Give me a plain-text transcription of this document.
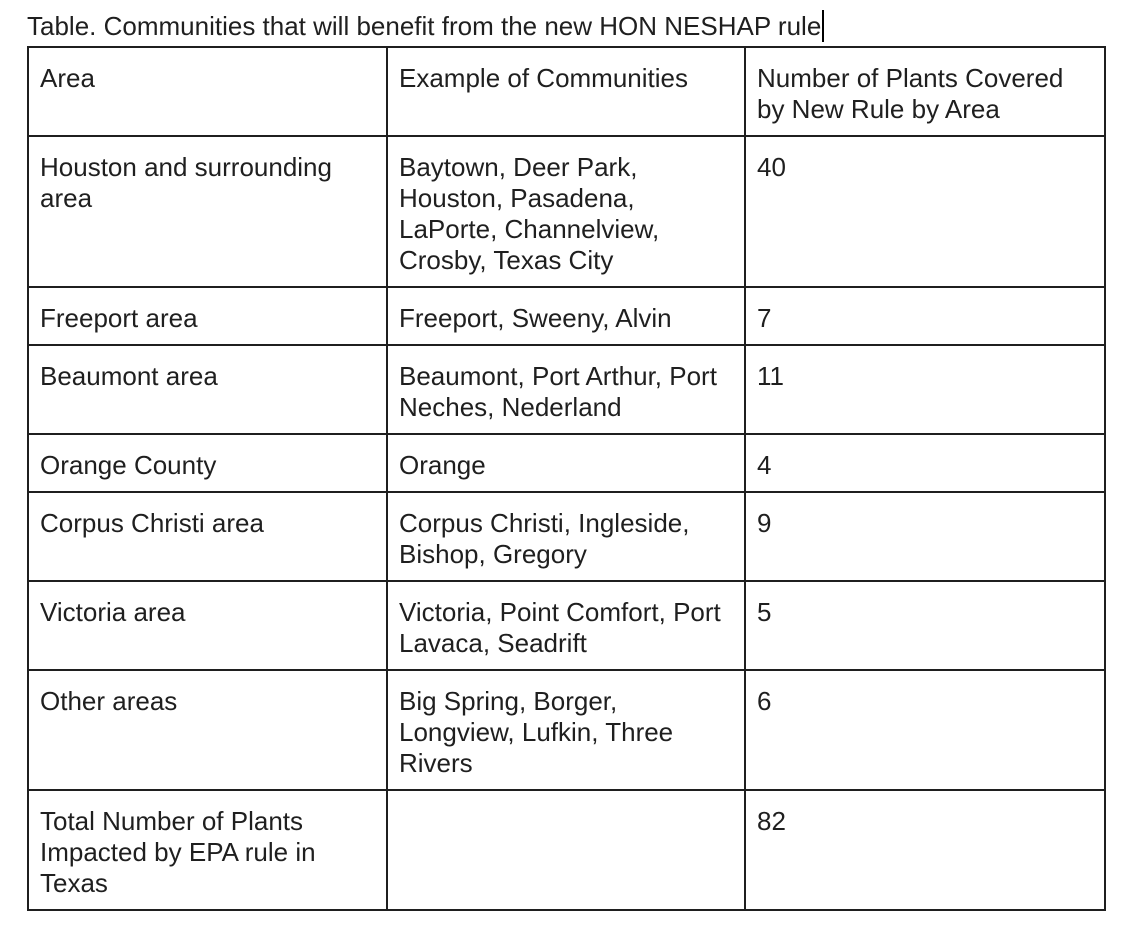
Table. Communities that will benefit from the new HON NESHAP rule
Area	Example of Communities	Number of Plants Covered by New Rule by Area
Houston and surrounding area	Baytown, Deer Park, Houston, Pasadena, LaPorte, Channelview, Crosby, Texas City	40
Freeport area	Freeport, Sweeny, Alvin	7
Beaumont area	Beaumont, Port Arthur, Port Neches, Nederland	11
Orange County	Orange	4
Corpus Christi area	Corpus Christi, Ingleside, Bishop, Gregory	9
Victoria area	Victoria, Point Comfort, Port Lavaca, Seadrift	5
Other areas	Big Spring, Borger, Longview, Lufkin, Three Rivers	6
Total Number of Plants Impacted by EPA rule in Texas		82
